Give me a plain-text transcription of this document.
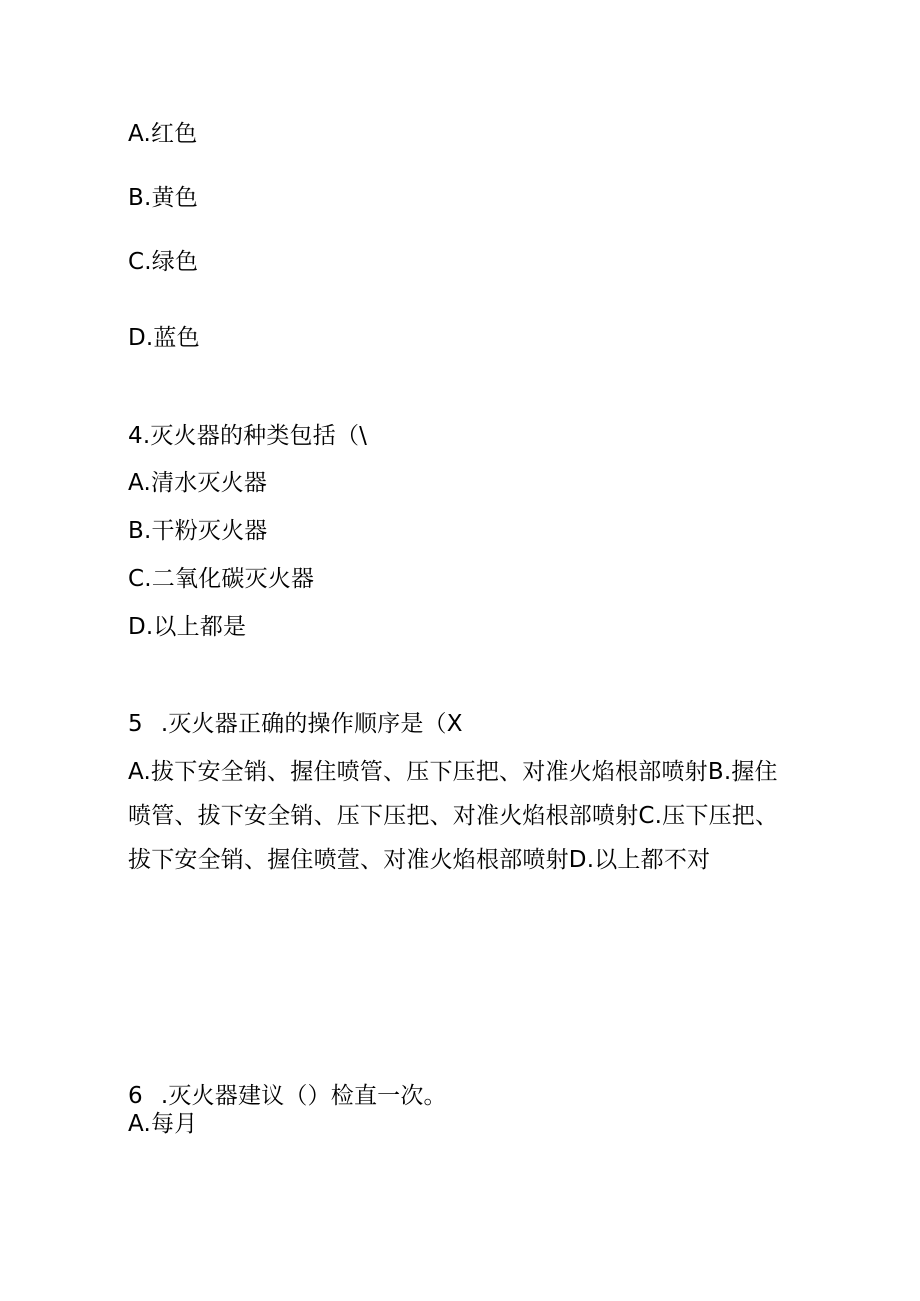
A.红色
B.黄色
C.绿色
D.蓝色
4.灭火器的种类包括（\
A.清水灭火器
B.干粉灭火器
C.二氧化碳灭火器
D.以上都是
5 .灭火器正确的操作顺序是（X
A.拔下安全销、握住喷管、压下压把、对准火焰根部喷射B.握住喷管、拔下安全销、压下压把、对准火焰根部喷射C.压下压把、拔下安全销、握住喷萱、对准火焰根部喷射D.以上都不对
6 .灭火器建议（）检直一次。
A.每月
